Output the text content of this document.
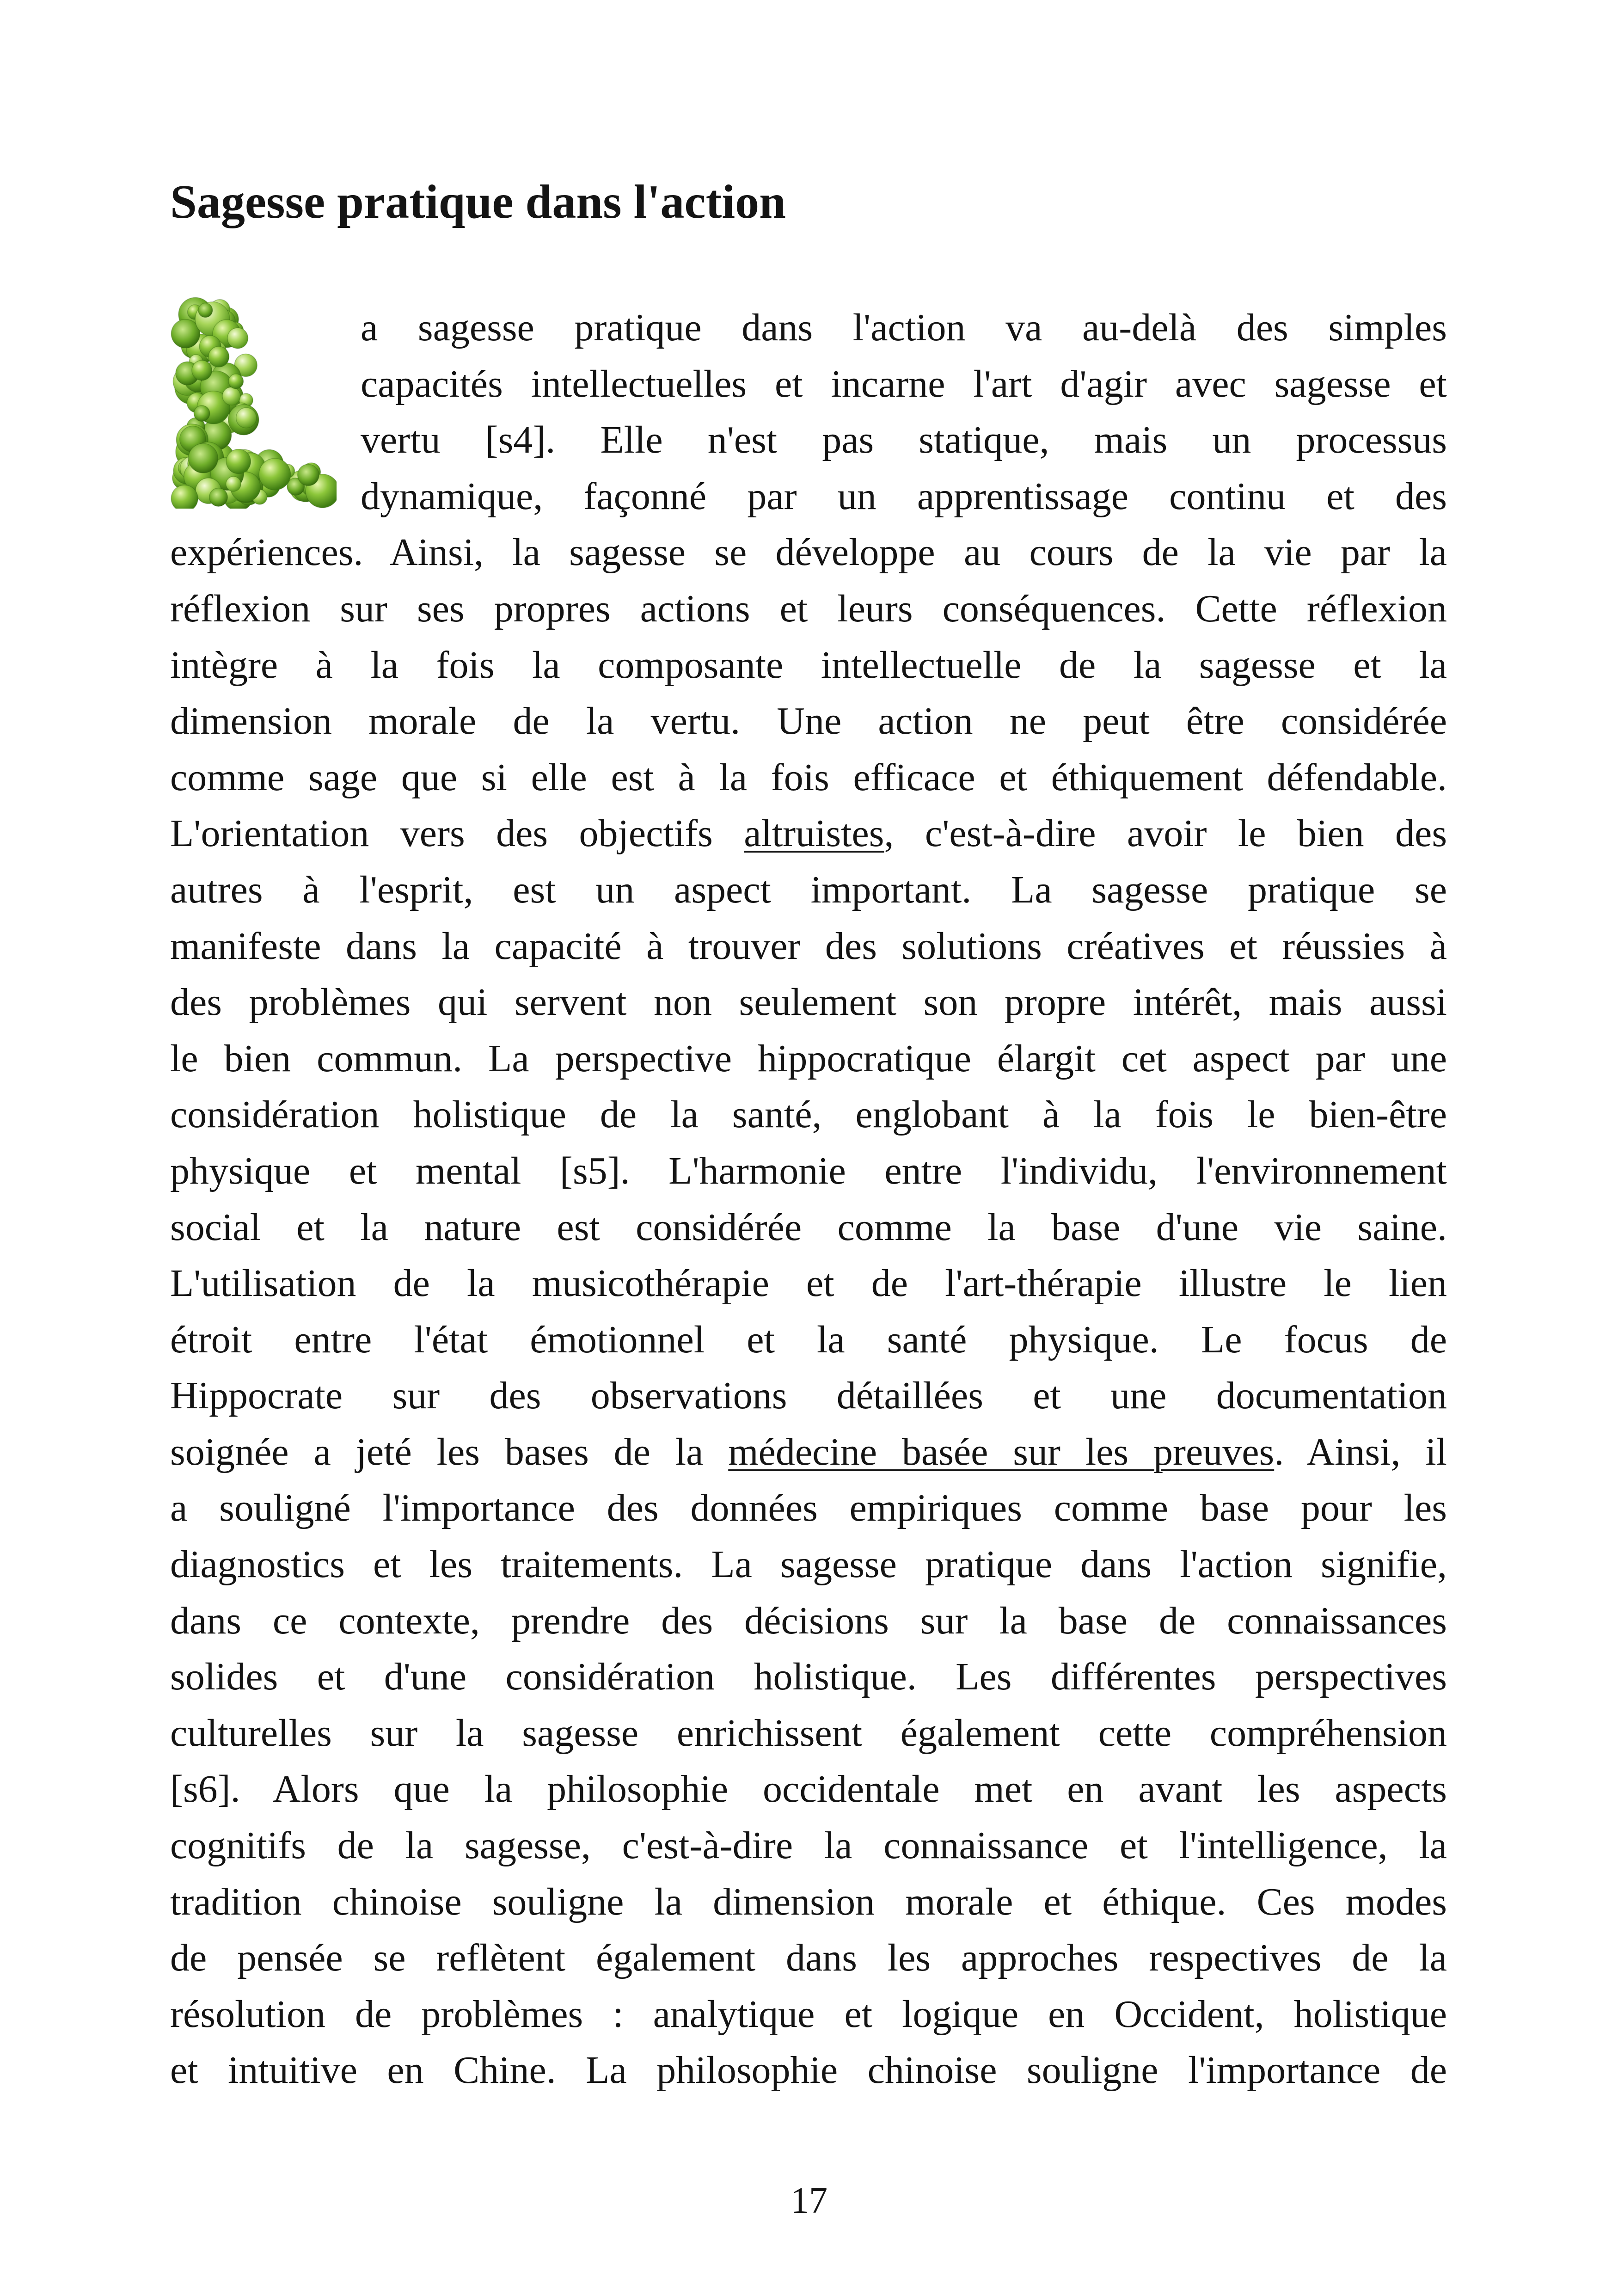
Sagesse pratique dans l'action
a sagesse pratique dans l'action va au-delà des simples
capacités intellectuelles et incarne l'art d'agir avec sagesse et
vertu [s4]. Elle n'est pas statique, mais un processus
dynamique, façonné par un apprentissage continu et des
expériences. Ainsi, la sagesse se développe au cours de la vie par la
réflexion sur ses propres actions et leurs conséquences. Cette réflexion
intègre à la fois la composante intellectuelle de la sagesse et la
dimension morale de la vertu. Une action ne peut être considérée
comme sage que si elle est à la fois efficace et éthiquement défendable.
L'orientation vers des objectifs altruistes, c'est-à-dire avoir le bien des
autres à l'esprit, est un aspect important. La sagesse pratique se
manifeste dans la capacité à trouver des solutions créatives et réussies à
des problèmes qui servent non seulement son propre intérêt, mais aussi
le bien commun. La perspective hippocratique élargit cet aspect par une
considération holistique de la santé, englobant à la fois le bien-être
physique et mental [s5]. L'harmonie entre l'individu, l'environnement
social et la nature est considérée comme la base d'une vie saine.
L'utilisation de la musicothérapie et de l'art-thérapie illustre le lien
étroit entre l'état émotionnel et la santé physique. Le focus de
Hippocrate sur des observations détaillées et une documentation
soignée a jeté les bases de la médecine basée sur les preuves. Ainsi, il
a souligné l'importance des données empiriques comme base pour les
diagnostics et les traitements. La sagesse pratique dans l'action signifie,
dans ce contexte, prendre des décisions sur la base de connaissances
solides et d'une considération holistique. Les différentes perspectives
culturelles sur la sagesse enrichissent également cette compréhension
[s6]. Alors que la philosophie occidentale met en avant les aspects
cognitifs de la sagesse, c'est-à-dire la connaissance et l'intelligence, la
tradition chinoise souligne la dimension morale et éthique. Ces modes
de pensée se reflètent également dans les approches respectives de la
résolution de problèmes : analytique et logique en Occident, holistique
et intuitive en Chine. La philosophie chinoise souligne l'importance de
17
